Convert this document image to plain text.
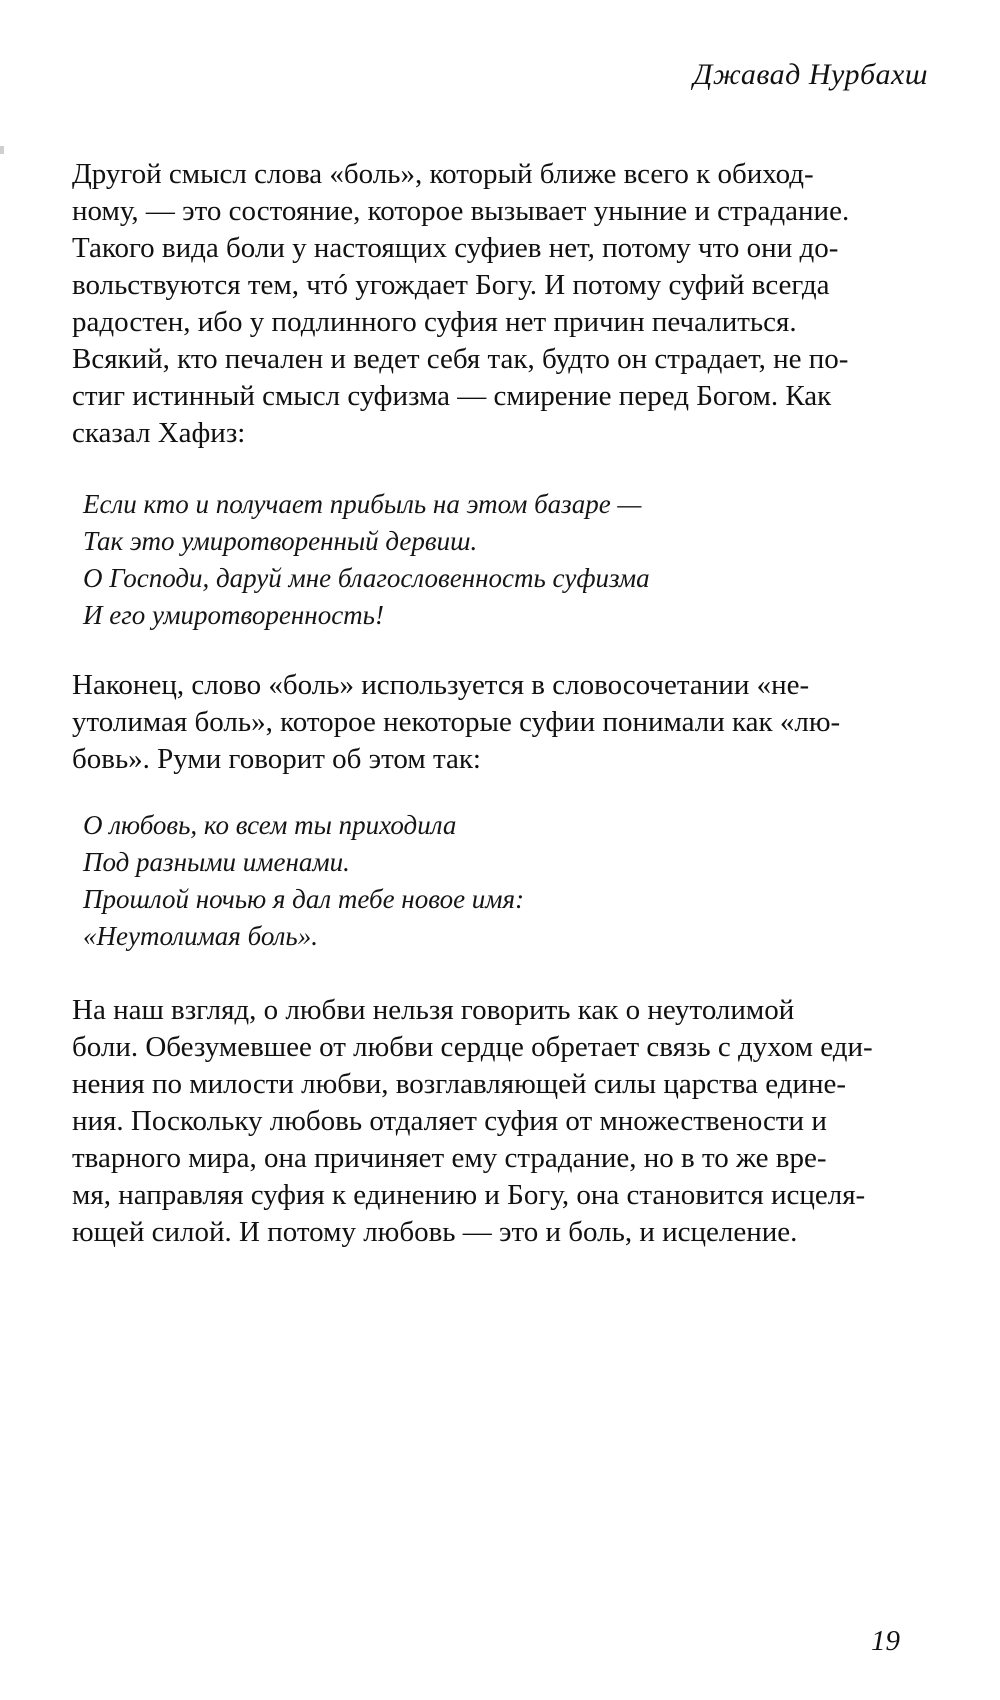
Джавад Нурбахш
Другой смысл слова «боль», который ближе всего к обиход-
ному, — это состояние, которое вызывает уныние и страдание.
Такого вида боли у настоящих суфиев нет, потому что они до-
вольствуются тем, чтó угождает Богу. И потому суфий всегда
радостен, ибо у подлинного суфия нет причин печалиться.
Всякий, кто печален и ведет себя так, будто он страдает, не по-
стиг истинный смысл суфизма — смирение перед Богом. Как
сказал Хафиз:
Если кто и получает прибыль на этом базаре —
Так это умиротворенный дервиш.
О Господи, даруй мне благословенность суфизма
И его умиротворенность!
Наконец, слово «боль» используется в словосочетании «не-
утолимая боль», которое некоторые суфии понимали как «лю-
бовь». Руми говорит об этом так:
О любовь, ко всем ты приходила
Под разными именами.
Прошлой ночью я дал тебе новое имя:
«Неутолимая боль».
На наш взгляд, о любви нельзя говорить как о неутолимой
боли. Обезумевшее от любви сердце обретает связь с духом еди-
нения по милости любви, возглавляющей силы царства едине-
ния. Поскольку любовь отдаляет суфия от множествености и
тварного мира, она причиняет ему страдание, но в то же вре-
мя, направляя суфия к единению и Богу, она становится исцеля-
ющей силой. И потому любовь — это и боль, и исцеление.
19
